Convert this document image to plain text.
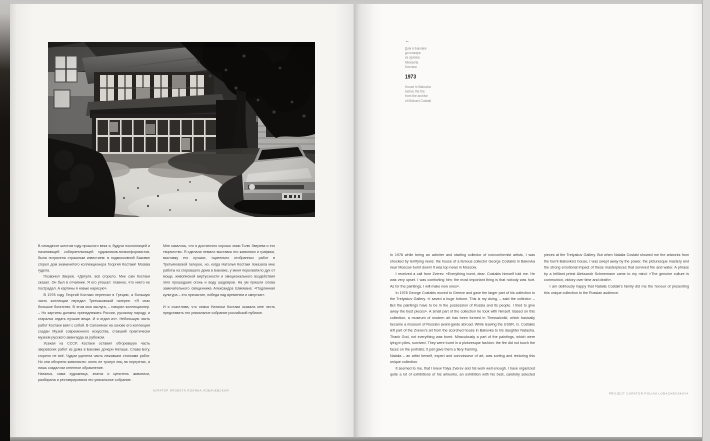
В семьдесят шестом году прошлого века я, будучи поклонницей и начинающей собирательницей художников-нонконформистов, была потрясена страшным известием: в подмосковной Баковке сгорел дом знаменитого коллекционера Георгия Костаки! Москва гудела.

Позвонил Зверев. «Датуля, всё сгорело. Мне сам Костаки сказал. Он был в отчаянии. Я его утешал: главное, что никто не пострадал. А картины я новые нарисую».

В 1978 году Георгий Костаки переехал в Грецию, а большую часть коллекции передал Третьяковской галерее. «Я спас большое богатство. В этом моя заслуга, – говорил коллекционер. – Но картины должны принадлежать России, русскому народу, и старался отдать лучшие вещи. И я отдал их». Небольшую часть работ Костаки взял с собой. В Салониках на основе его коллекции создан Музей современного искусства, ставший практически музеем русского авангарда за рубежом.

Уезжая из СССР, Костаки оставил обгоревшую часть зверевских работ из дома в Баковке дочери Наташе. Слава Богу, сгорело не всё. Чудом уцелела часть лежавших стопками работ. Но они обгорели живописно: огонь не тронул лиц на портретах, а лишь создал им огненное обрамление.

Наталья, сама художница, знаток и ценитель живописи, разбирала и реставрировала это уникальное собрание.

Мне казалось, что я достаточно хорошо знаю Толю Зверева и его творчество. Я сделала немало выставок его живописи и графики, выставку его лучших, тщательно отобранных работ в Третьяковской галерее, но, когда Наталья Костаки показала мне работы из сгоревшего дома в Баковке, у меня перехватило дух от мощи, живописной виртуозности и эмоционального воздействия этих прошедших огонь и воду шедевров. На ум пришли слова замечательного священника Александра Шмемана: «Подлинная культура – это причастие, победа над временем и смертью».

И я счастлива, что семья Натальи Костаки оказала мне честь представить это уникальное собрание российской публике.

КУРАТОР ПРОЕКТА ПОЛИНА ЛОБАЧЕВСКАЯ
←
Дом в Баковке
до пожара
из архива
Михаила
Костаки
1973
House in Bakovka
before the fire
from the archive
of Michael Costaki

In 1976 while being an admirer and starting collector of nonconformist artists, I was shocked by terrifying news: the house of a famous collector George Costakis in Bakovka near Moscow burnt down! It was top news in Moscow.

I received a call from Zverev. «Everything burnt, dear. Costakis himself told me. He was very upset. I was comforting him: the most important thing is that nobody was hurt. As for the paintings, I will make new ones».

In 1978 George Costakis moved to Greece and gave the larger part of his collection to the Tretyakov Gallery. «I saved a huge fortune. This is my doing, – said the collector. – But the paintings have to be in the possession of Russia and its people. I tried to give away the best pieces». A small part of the collection he took with himself. Based on this collection, a museum of modern art has been formed in Thessaloniki, which basically became a museum of Russian avant-garde abroad. While leaving the USSR, G. Costakis left part of the Zverev's art from the scorched house in Bakovka to his daughter Natasha. Thank God, not everything was burnt. Miraculously a part of the paintings, which were lying in piles, survived. They were burnt in a picturesque fashion: the fire did not touch the faces on the portraits; it just gave them a fiery framing.

Natalia – an artist herself, expert and connoisseur of art, was sorting and restoring this unique collection.

It seemed to me, that I knew Tolya Zverev and his work well enough. I have organized quite a lot of exhibitions of his artworks, an exhibition with his best, carefully selected pieces at the Tretyakov Gallery. But when Natalia Costaki showed me the artworks from the burnt Bakovka's house, I was swept away by the power, the picturesque mastery and the strong emotional impact of these masterpieces that survived fire and water. A phrase by a brilliant priest Aleksandr Schmemann came to my mind: «The genuine culture is communion, victory over time and death».

I am deliriously happy that Natalia Costaki's family did me the honour of presenting this unique collection to the Russian audience.

PROJECT CURATOR POLINA LOBACHEVSKAYA
